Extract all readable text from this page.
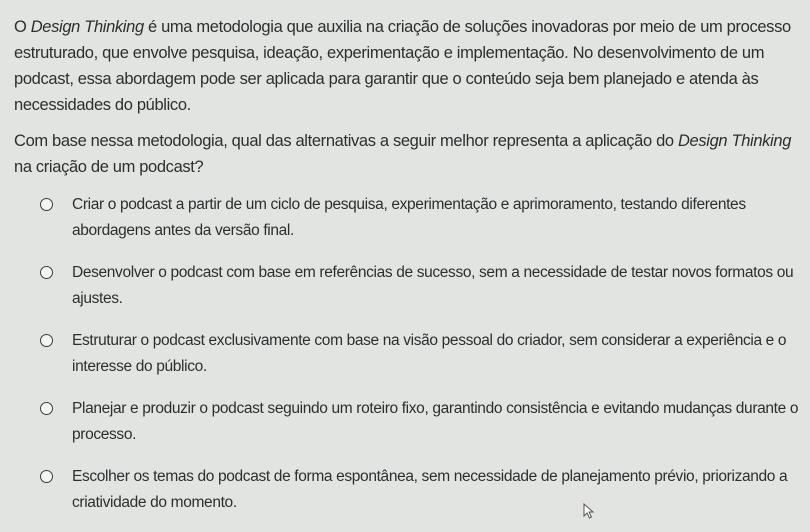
O Design Thinking é uma metodologia que auxilia na criação de soluções inovadoras por meio de um processo estruturado, que envolve pesquisa, ideação, experimentação e implementação. No desenvolvimento de um podcast, essa abordagem pode ser aplicada para garantir que o conteúdo seja bem planejado e atenda às necessidades do público.

Com base nessa metodologia, qual das alternativas a seguir melhor representa a aplicação do Design Thinking na criação de um podcast?

Criar o podcast a partir de um ciclo de pesquisa, experimentação e aprimoramento, testando diferentes abordagens antes da versão final.
Desenvolver o podcast com base em referências de sucesso, sem a necessidade de testar novos formatos ou ajustes.
Estruturar o podcast exclusivamente com base na visão pessoal do criador, sem considerar a experiência e o interesse do público.
Planejar e produzir o podcast seguindo um roteiro fixo, garantindo consistência e evitando mudanças durante o processo.
Escolher os temas do podcast de forma espontânea, sem necessidade de planejamento prévio, priorizando a criatividade do momento.
